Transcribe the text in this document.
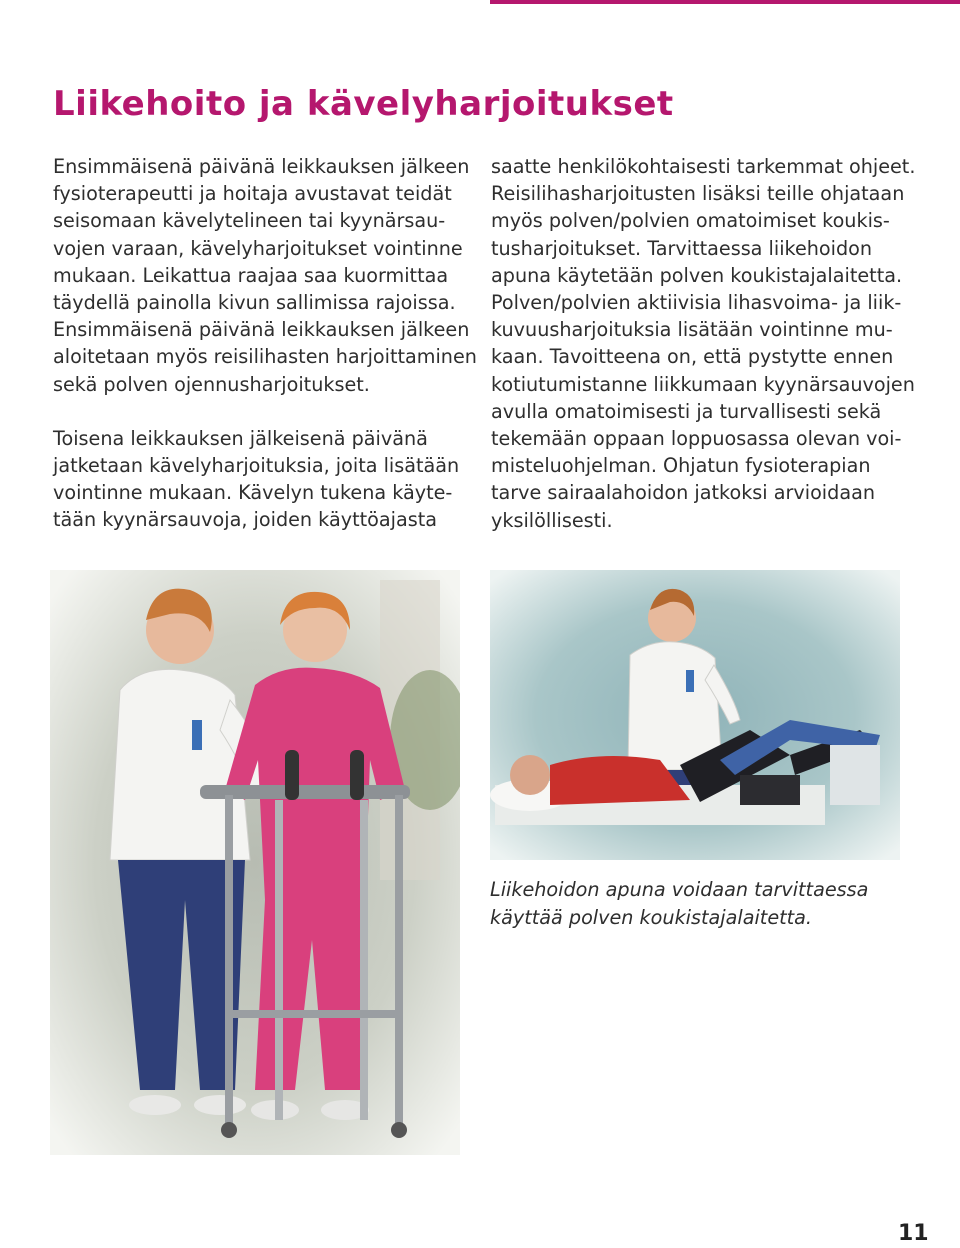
Liikehoito ja kävelyharjoitukset

Ensimmäisenä päivänä leikkauksen jälkeen

fysioterapeutti ja hoitaja avustavat teidät

seisomaan kävelytelineen tai kyynärsau-

vojen varaan, kävelyharjoitukset vointinne

mukaan. Leikattua raajaa saa kuormittaa

täydellä painolla kivun sallimissa rajoissa.

Ensimmäisenä päivänä leikkauksen jälkeen

aloitetaan myös reisilihasten harjoittaminen

sekä polven ojennusharjoitukset.

Toisena leikkauksen jälkeisenä päivänä

jatketaan kävelyharjoituksia, joita lisätään

vointinne mukaan. Kävelyn tukena käyte-

tään kyynärsauvoja, joiden käyttöajasta

saatte henkilökohtaisesti tarkemmat ohjeet.

Reisilihasharjoitusten lisäksi teille ohjataan

myös polven/polvien omatoimiset koukis-

tusharjoitukset. Tarvittaessa liikehoidon

apuna käytetään polven koukistajalaitetta.

Polven/polvien aktiivisia lihasvoima- ja liik-

kuvuusharjoituksia lisätään vointinne mu-

kaan. Tavoitteena on, että pystytte ennen

kotiutumistanne liikkumaan kyynärsauvojen

avulla omatoimisesti ja turvallisesti sekä

tekemään oppaan loppuosassa olevan voi-

misteluohjelman. Ohjatun fysioterapian

tarve sairaalahoidon jatkoksi arvioidaan

yksilöllisesti.

Liikehoidon apuna voidaan tarvittaessa

käyttää polven koukistajalaitetta.

11
